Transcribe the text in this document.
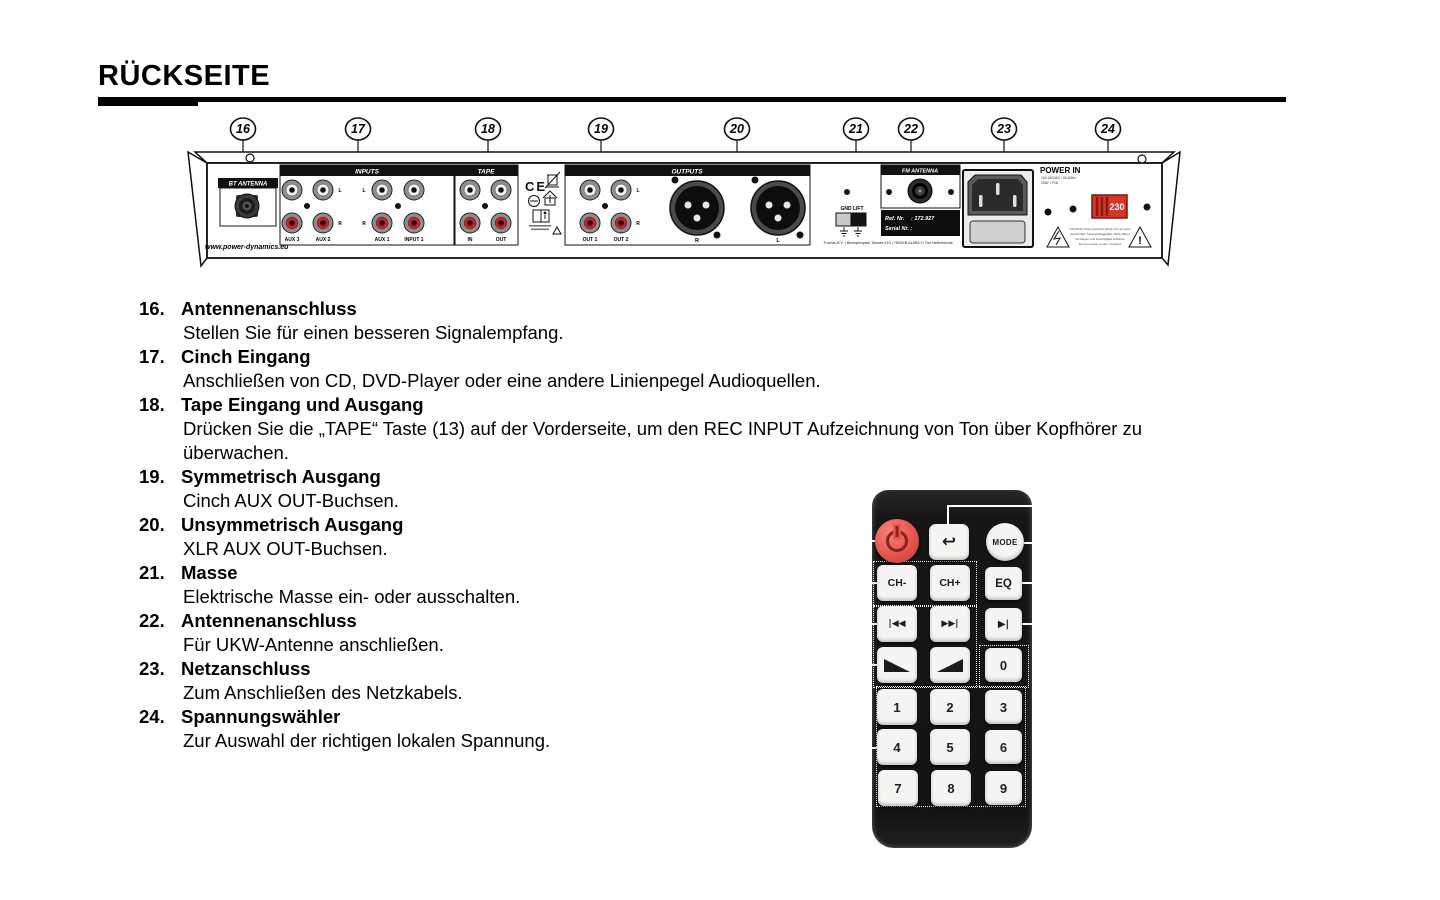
RÜCKSEITE
16	17	18	19	20	21	22	23	24
BT ANTENNA
www.power-dynamics.eu
INPUTS
L
R
L
R
AUX 3	AUX 2	AUX 1	INPUT 1
TAPE
IN	OUT
CE
OUTPUTS
L
R
OUT 1	OUT 2	R	L
GND LIFT
FM ANTENNA
Ref. Nr. : 172.927
Serial Nr. :
Tronios B.V. | Bedrijvenpark Twente 415 | 7602KB ALMELO The Netherlands
POWER IN
100-240VAC / 50-60Hz
10AF / F1A
230
!
CAUTION: Risk of electric shock. Do not open
ACHTUNG: Stromschlaggefahr. Nicht öffnen
Vor Regen und Feuchtigkeit schützen
Do not expose to rain / moisture
16. Antennenanschluss
Stellen Sie für einen besseren Signalempfang.
17. Cinch Eingang
Anschließen von CD, DVD-Player oder eine andere Linienpegel Audioquellen.
18. Tape Eingang und Ausgang
Drücken Sie die „TAPE“ Taste (13) auf der Vorderseite, um den REC INPUT Aufzeichnung von Ton über Kopfhörer zu
überwachen.
19. Symmetrisch Ausgang
Cinch AUX OUT-Buchsen.
20. Unsymmetrisch Ausgang
XLR AUX OUT-Buchsen.
21. Masse
Elektrische Masse ein- oder ausschalten.
22. Antennenanschluss
Für UKW-Antenne anschließen.
23. Netzanschluss
Zum Anschließen des Netzkabels.
24. Spannungswähler
Zur Auswahl der richtigen lokalen Spannung.
↩	MODE
CH-	CH+	EQ
|◀◀	▶▶|	▶|
0
1	2	3
4	5	6
7	8	9
